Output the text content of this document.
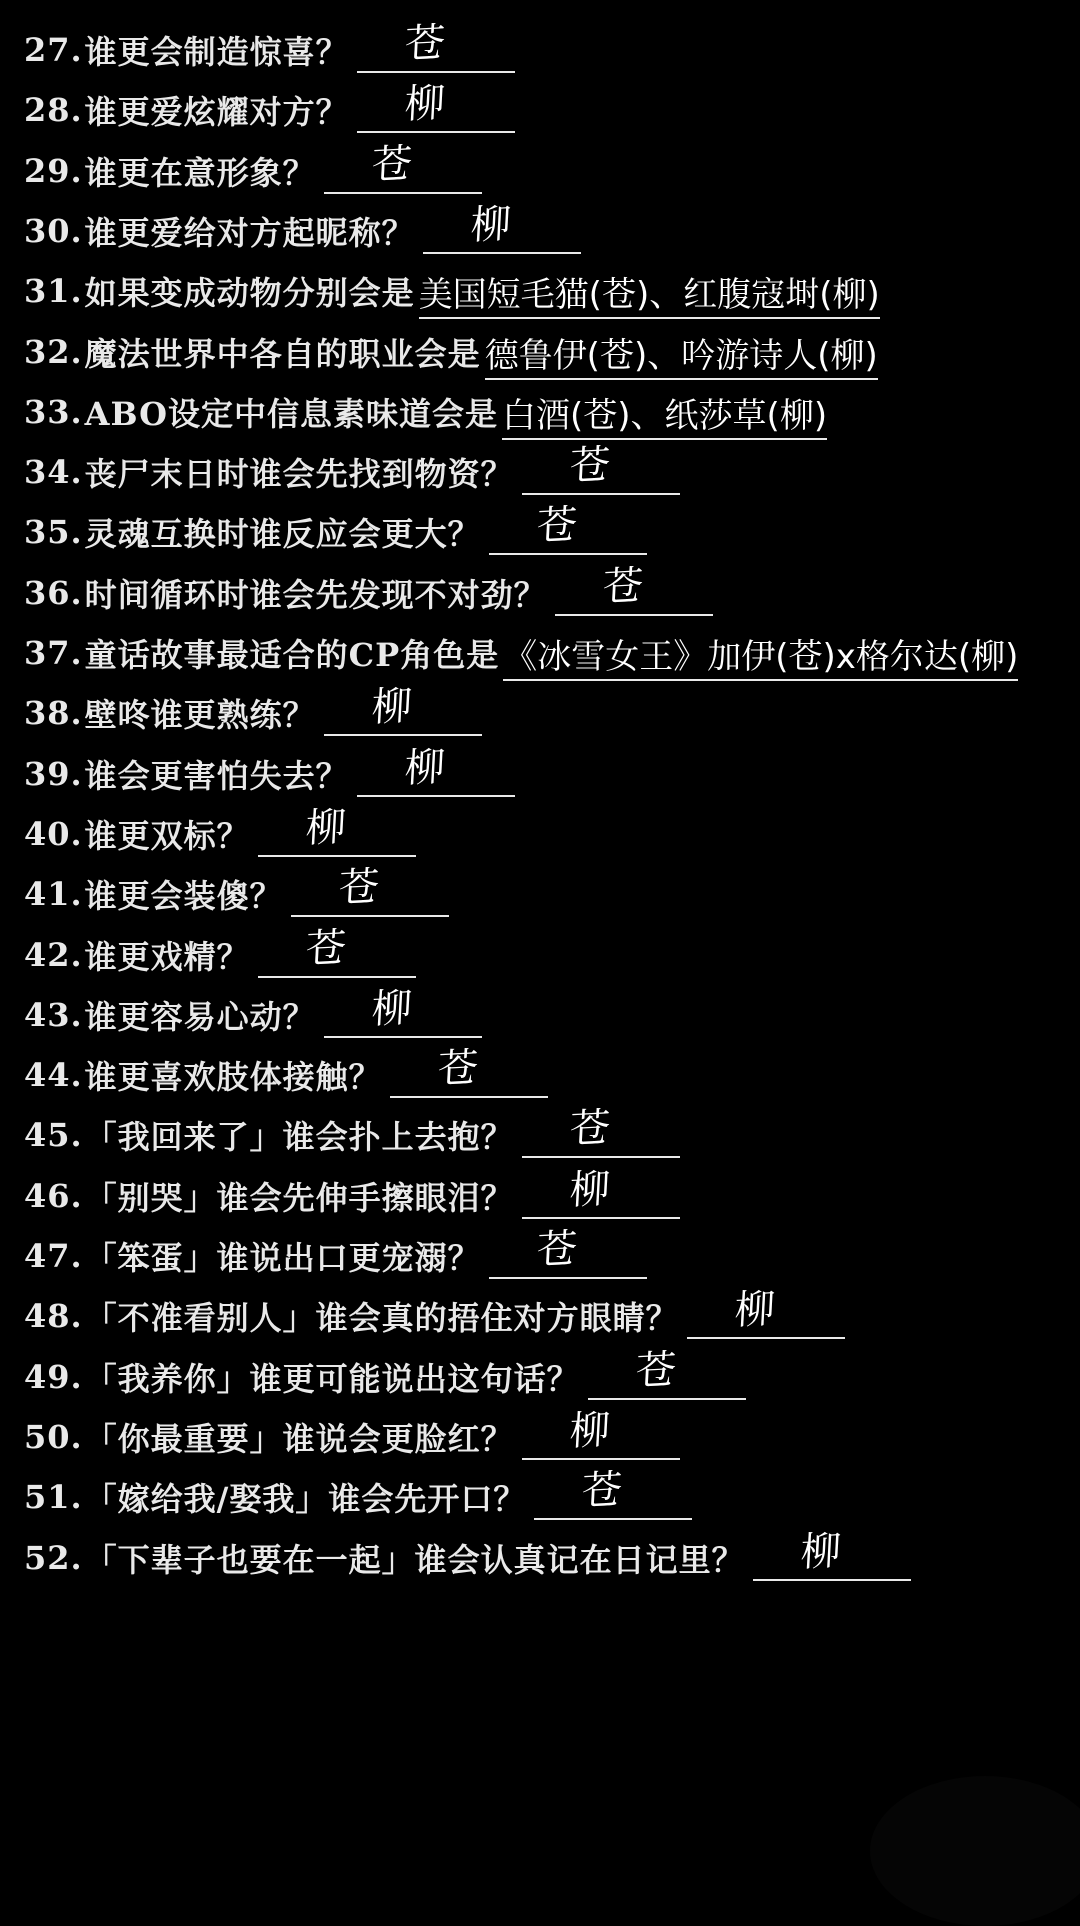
27. 谁更会制造惊喜？ 苍
28. 谁更爱炫耀对方？ 柳
29. 谁更在意形象？ 苍
30. 谁更爱给对方起昵称？ 柳
31. 如果变成动物分别会是 美国短毛猫(苍)、红腹寇埘(柳)
32. 魔法世界中各自的职业会是 德鲁伊(苍)、吟游诗人(柳)
33. ABO设定中信息素味道会是 白酒(苍)、纸莎草(柳)
34. 丧尸末日时谁会先找到物资？ 苍
35. 灵魂互换时谁反应会更大？ 苍
36. 时间循环时谁会先发现不对劲？ 苍
37. 童话故事最适合的CP角色是 《冰雪女王》加伊(苍)x格尔达(柳)
38. 壁咚谁更熟练？ 柳
39. 谁会更害怕失去？ 柳
40. 谁更双标？ 柳
41. 谁更会装傻？ 苍
42. 谁更戏精？ 苍
43. 谁更容易心动？ 柳
44. 谁更喜欢肢体接触？ 苍
45. 「我回来了」谁会扑上去抱？ 苍
46. 「别哭」谁会先伸手擦眼泪？ 柳
47. 「笨蛋」谁说出口更宠溺？ 苍
48. 「不准看别人」谁会真的捂住对方眼睛？ 柳
49. 「我养你」谁更可能说出这句话？ 苍
50. 「你最重要」谁说会更脸红？ 柳
51. 「嫁给我/娶我」谁会先开口？ 苍
52. 「下辈子也要在一起」谁会认真记在日记里？ 柳
